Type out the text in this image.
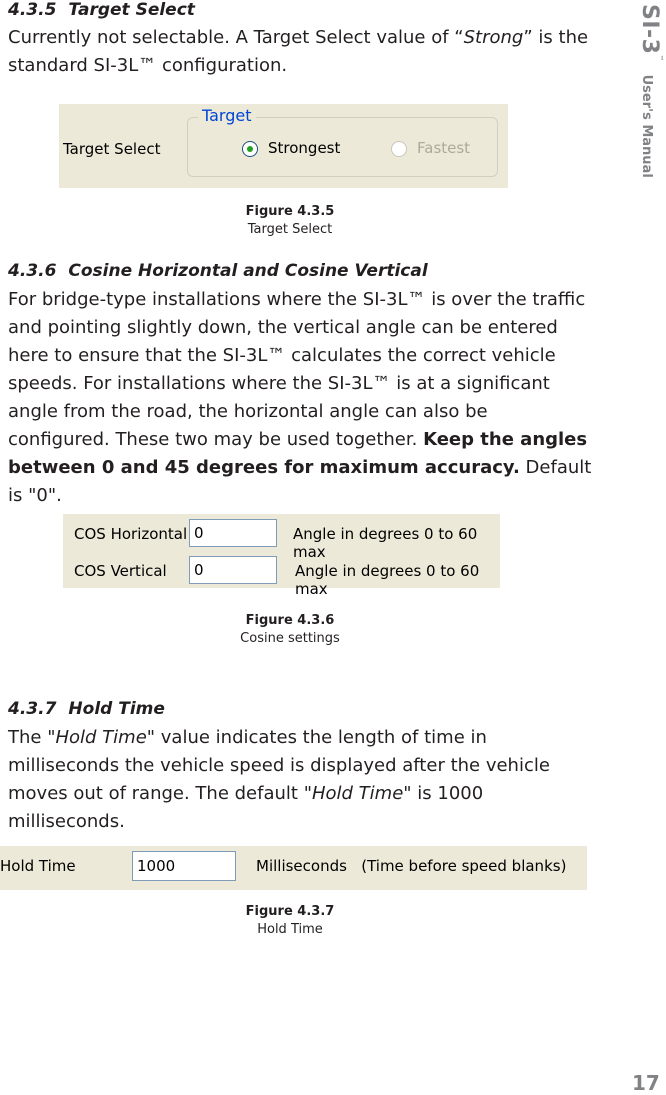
SI-3™ User's Manual
4.3.5 Target Select

Currently not selectable. A Target Select value of “Strong” is the standard SI-3L™ configuration.

Target Select
Target
Strongest	Fastest
Figure 4.3.5
Target Select
4.3.6 Cosine Horizontal and Cosine Vertical

For bridge-type installations where the SI-3L™ is over the traffic and pointing slightly down, the vertical angle can be entered here to ensure that the SI-3L™ calculates the correct vehicle speeds. For installations where the SI-3L™ is at a significant angle from the road, the horizontal angle can also be configured. These two may be used together. Keep the angles between 0 and 45 degrees for maximum accuracy. Default is "0".

COS Horizontal 0	Angle in degrees 0 to 60 max
COS Vertical	0	Angle in degrees 0 to 60 max
Figure 4.3.6
Cosine settings
4.3.7 Hold Time

The "Hold Time" value indicates the length of time in milliseconds the vehicle speed is displayed after the vehicle moves out of range. The default "Hold Time" is 1000 milliseconds.

Hold Time	1000	Milliseconds   (Time before speed blanks)
Figure 4.3.7
Hold Time
17
